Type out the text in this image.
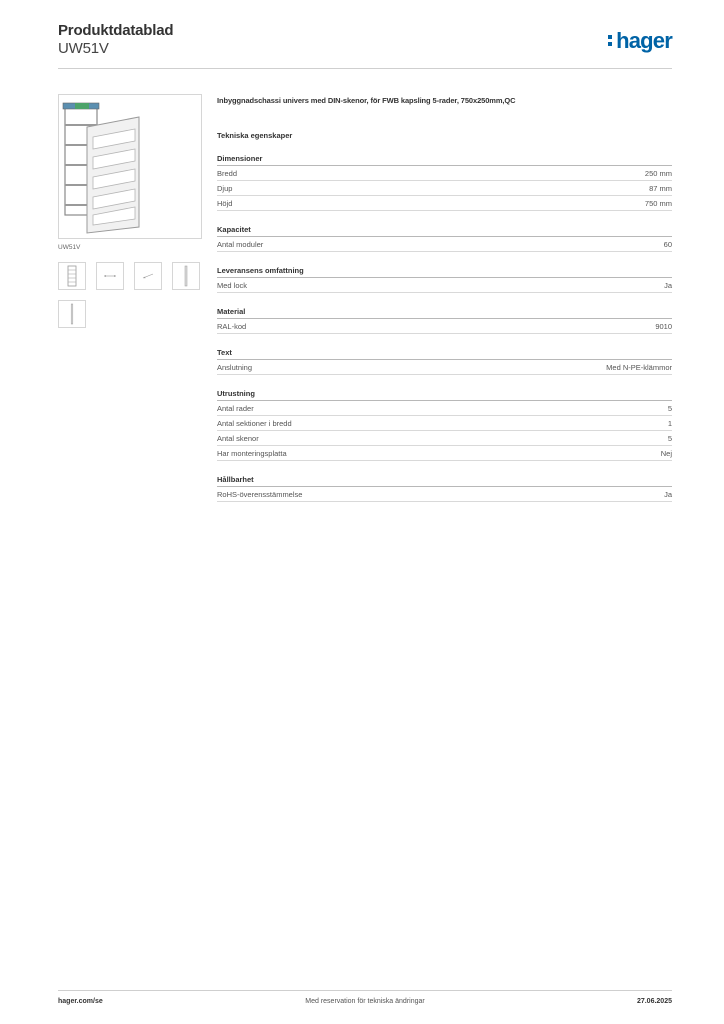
Produktdatablad
UW51V	hager
UW51V
Inbyggnadschassi univers med DIN-skenor, för FWB kapsling 5-rader, 750x250mm,QC
Tekniska egenskaper
Dimensioner
Bredd	250 mm
Djup	87 mm
Höjd	750 mm
Kapacitet
Antal moduler	60
Leveransens omfattning
Med lock	Ja
Material
RAL-kod	9010
Text
Anslutning	Med N-PE-klämmor
Utrustning
Antal rader	5
Antal sektioner i bredd	1
Antal skenor	5
Har monteringsplatta	Nej
Hållbarhet
RoHS-överensstämmelse	Ja
hager.com/se	Med reservation för tekniska ändringar	27.06.2025
